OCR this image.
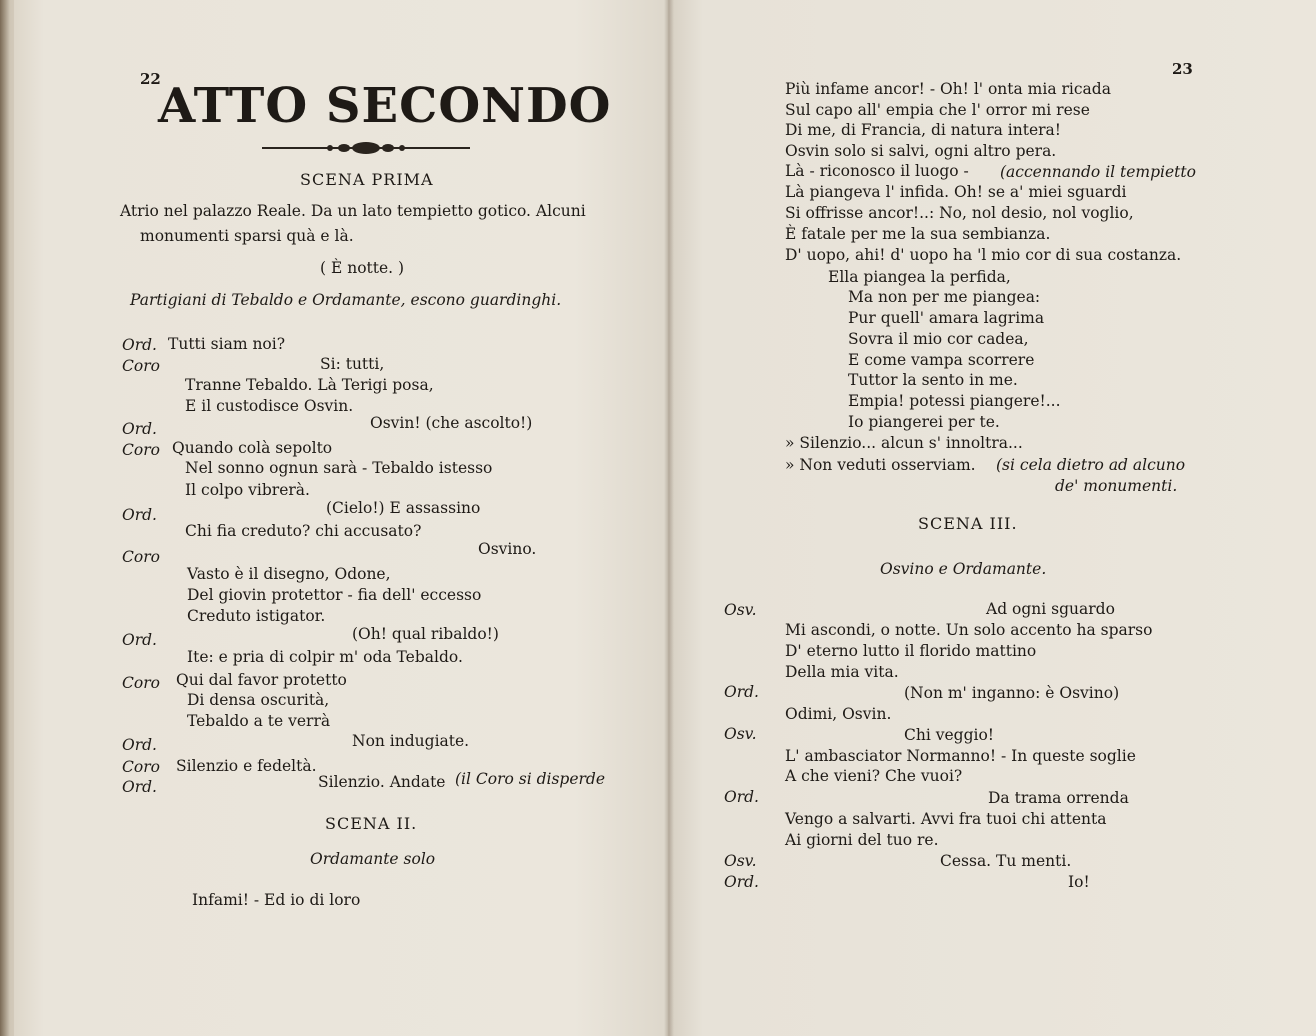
22
ATTO SECONDO
SCENA PRIMA
Atrio nel palazzo Reale. Da un lato tempietto gotico. Alcuni
monumenti sparsi quà e là.
( È notte. )
Partigiani di Tebaldo e Ordamante, escono guardinghi.
Ord. Tutti siam noi?
Coro	Si: tutti,
Tranne Tebaldo. Là Terigi posa,
E il custodisce Osvin.
Ord.	Osvin! (che ascolto!)
Coro Quando colà sepolto
Nel sonno ognun sarà - Tebaldo istesso
Il colpo vibrerà.
Ord.	(Cielo!) E assassino
Chi fia creduto? chi accusato?
Coro	Osvino.
Vasto è il disegno, Odone,
Del giovin protettor - fia dell' eccesso
Creduto istigator.
Ord.	(Oh! qual ribaldo!)
Ite: e pria di colpir m' oda Tebaldo.
Coro Qui dal favor protetto
Di densa oscurità,
Tebaldo a te verrà
Ord.	Non indugiate.
Coro Silenzio e fedeltà.
Ord.	Silenzio. Andate (il Coro si disperde
SCENA II.
Ordamante solo
Infami! - Ed io di loro
23
Più infame ancor! - Oh! l' onta mia ricada
Sul capo all' empia che l' orror mi rese
Di me, di Francia, di natura intera!
Osvin solo si salvi, ogni altro pera.
Là - riconosco il luogo - (accennando il tempietto
Là piangeva l' infida. Oh! se a' miei sguardi
Si offrisse ancor!..: No, nol desio, nol voglio,
È fatale per me la sua sembianza.
D' uopo, ahi! d' uopo ha 'l mio cor di sua costanza.
Ella piangea la perfida,
Ma non per me piangea:
Pur quell' amara lagrima
Sovra il mio cor cadea,
E come vampa scorrere
Tuttor la sento in me.
Empia! potessi piangere!...
Io piangerei per te.
» Silenzio... alcun s' innoltra...
» Non veduti osserviam. (si cela dietro ad alcuno
de' monumenti.
SCENA III.
Osvino e Ordamante.
Osv.	Ad ogni sguardo
Mi ascondi, o notte. Un solo accento ha sparso
D' eterno lutto il florido mattino
Della mia vita.
Ord.	(Non m' inganno: è Osvino)
Odimi, Osvin.
Osv.	Chi veggio!
L' ambasciator Normanno! - In queste soglie
A che vieni? Che vuoi?
Ord.	Da trama orrenda
Vengo a salvarti. Avvi fra tuoi chi attenta
Ai giorni del tuo re.
Osv.	Cessa. Tu menti.
Ord.	Io!
